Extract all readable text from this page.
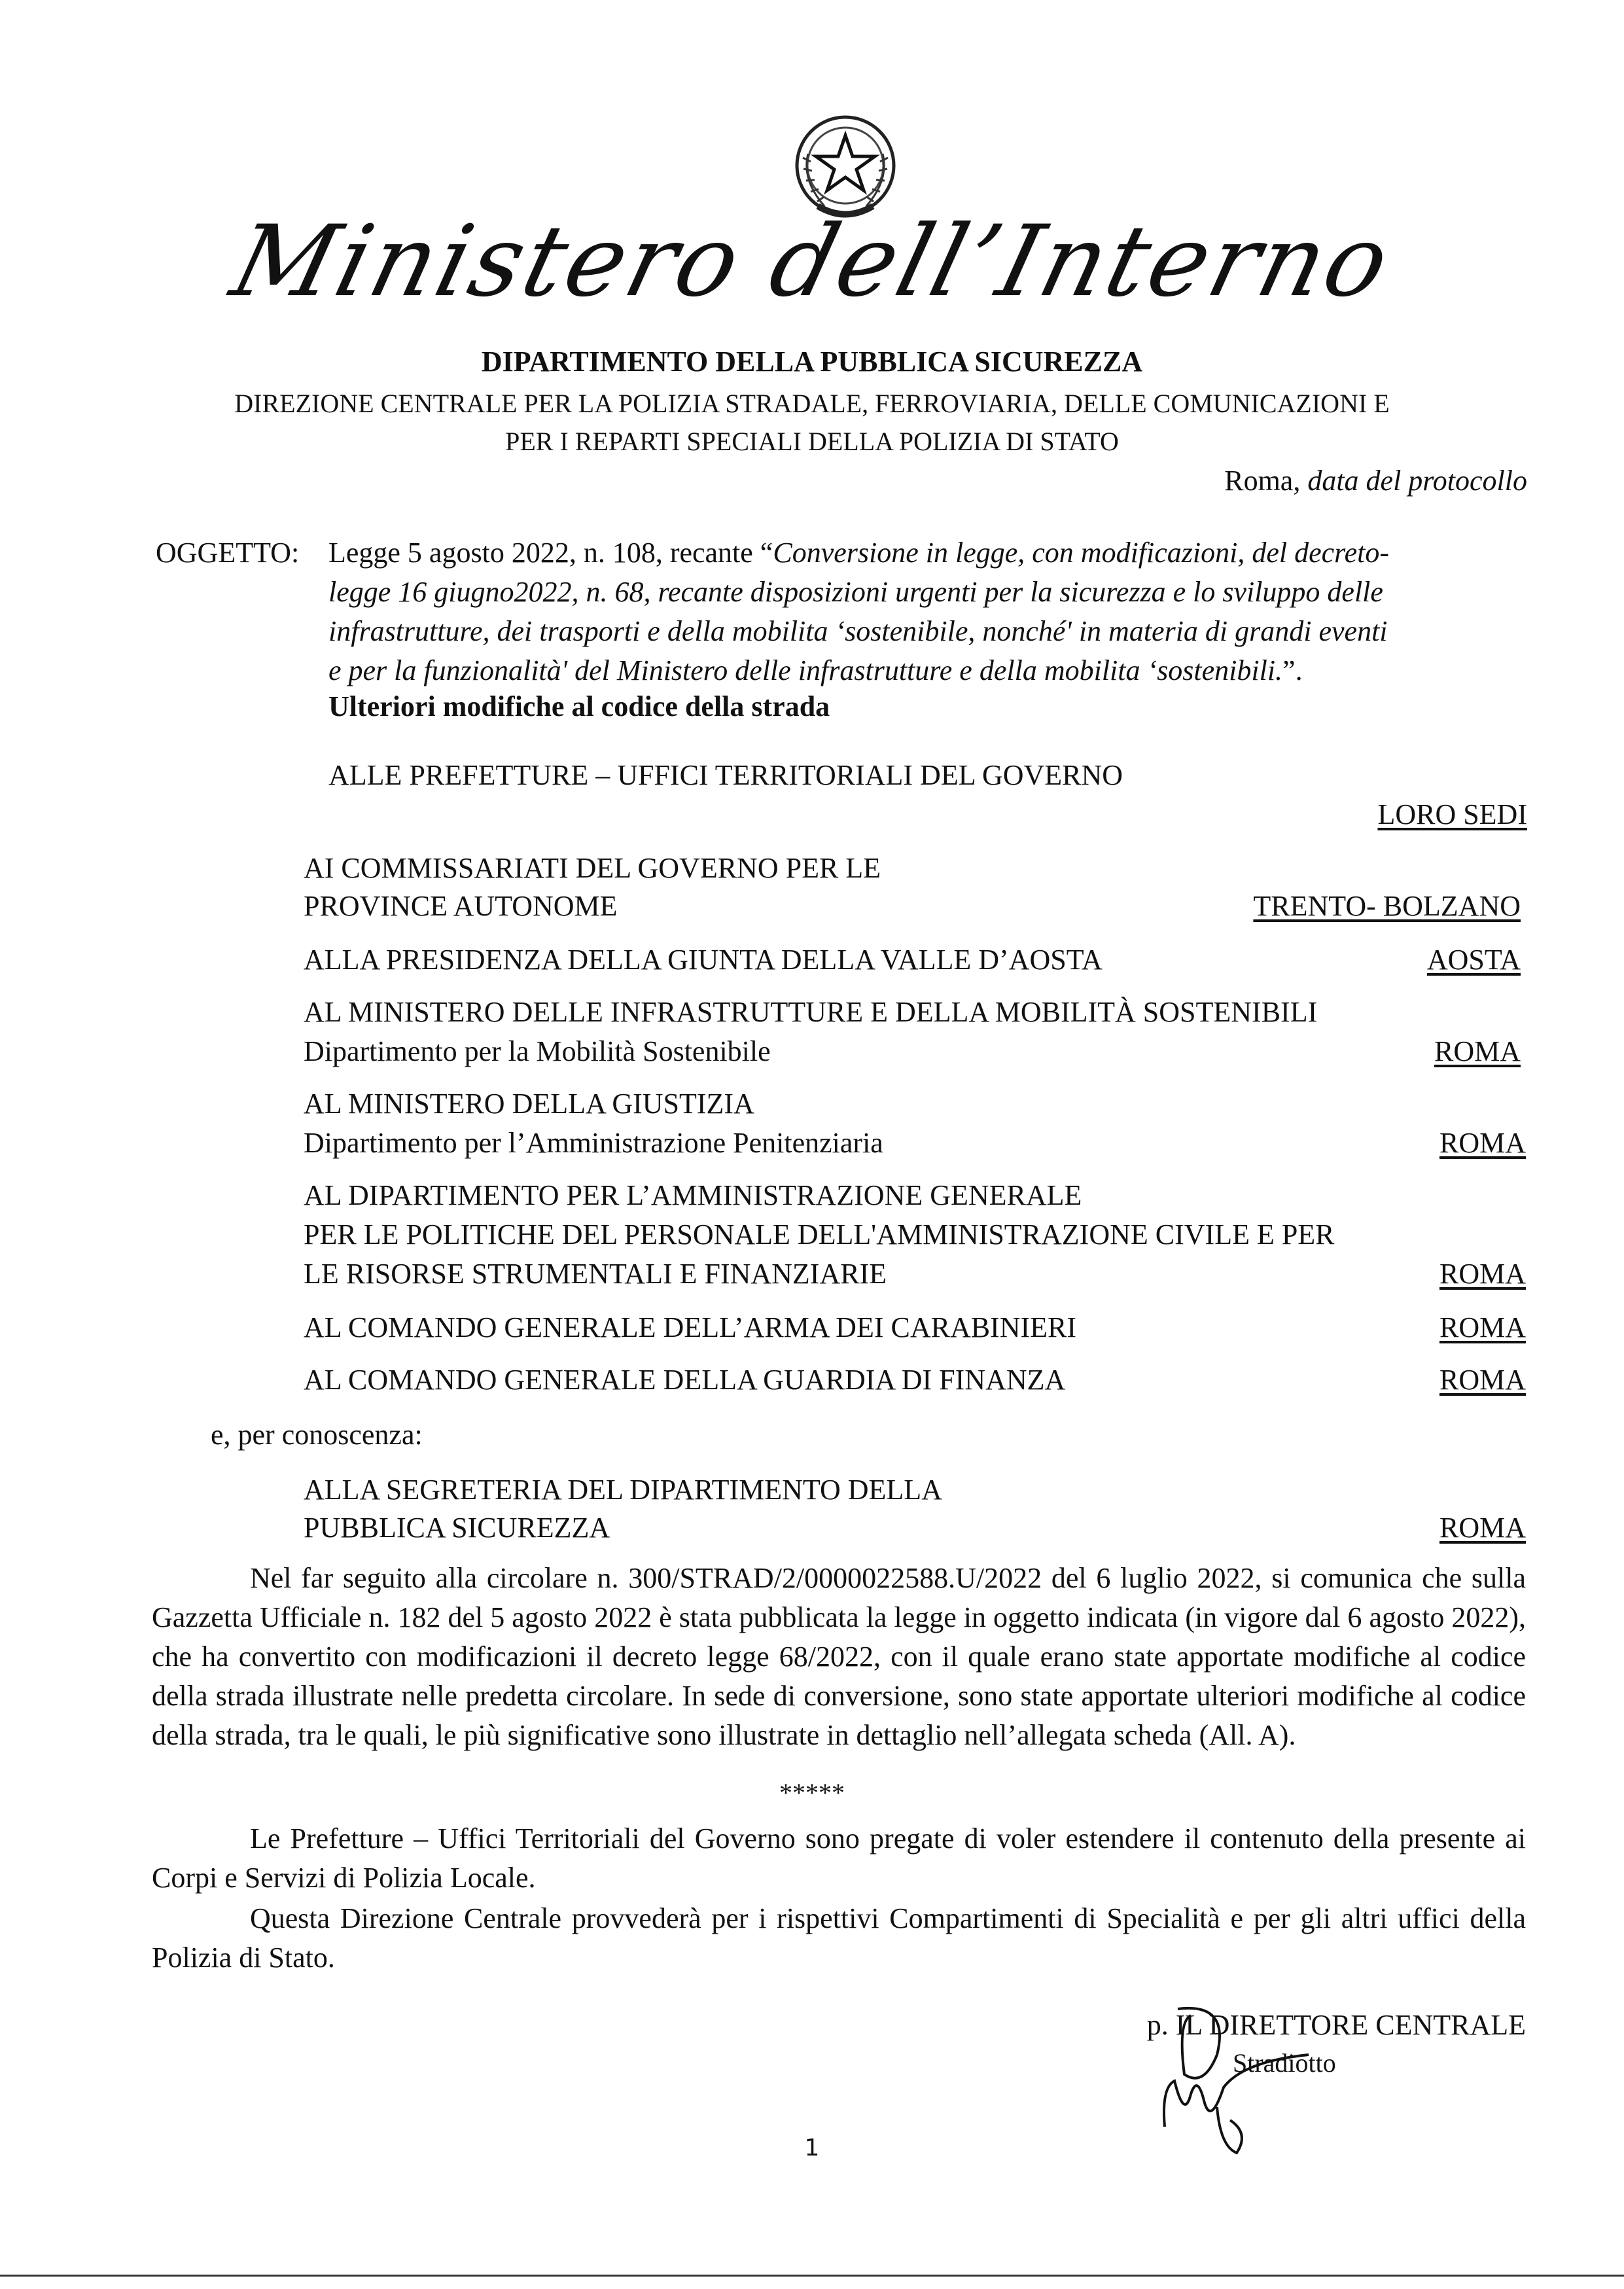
Ministero dell’Interno
DIPARTIMENTO DELLA PUBBLICA SICUREZZA
DIREZIONE CENTRALE PER LA POLIZIA STRADALE, FERROVIARIA, DELLE COMUNICAZIONI E
PER I REPARTI SPECIALI DELLA POLIZIA DI STATO
Roma, data del protocollo
OGGETTO: Legge 5 agosto 2022, n. 108, recante “Conversione in legge, con modificazioni, del decreto-
legge 16 giugno2022, n. 68, recante disposizioni urgenti per la sicurezza e lo sviluppo delle
infrastrutture, dei trasporti e della mobilita ‘sostenibile, nonché' in materia di grandi eventi
e per la funzionalità' del Ministero delle infrastrutture e della mobilita ‘sostenibili.”.
Ulteriori modifiche al codice della strada
ALLE PREFETTURE – UFFICI TERRITORIALI DEL GOVERNO
LORO SEDI
AI COMMISSARIATI DEL GOVERNO PER LE
PROVINCE AUTONOME	TRENTO- BOLZANO
ALLA PRESIDENZA DELLA GIUNTA DELLA VALLE D’AOSTA	AOSTA
AL MINISTERO DELLE INFRASTRUTTURE E DELLA MOBILITÀ SOSTENIBILI
Dipartimento per la Mobilità Sostenibile	ROMA
AL MINISTERO DELLA GIUSTIZIA
Dipartimento per l’Amministrazione Penitenziaria	ROMA
AL DIPARTIMENTO PER L’AMMINISTRAZIONE GENERALE
PER LE POLITICHE DEL PERSONALE DELL'AMMINISTRAZIONE CIVILE E PER
LE RISORSE STRUMENTALI E FINANZIARIE	ROMA
AL COMANDO GENERALE DELL’ARMA DEI CARABINIERI	ROMA
AL COMANDO GENERALE DELLA GUARDIA DI FINANZA	ROMA
e, per conoscenza:
ALLA SEGRETERIA DEL DIPARTIMENTO DELLA
PUBBLICA SICUREZZA	ROMA
Nel far seguito alla circolare n. 300/STRAD/2/0000022588.U/2022 del 6 luglio 2022, si comunica che sulla Gazzetta Ufficiale n. 182 del 5 agosto 2022 è stata pubblicata la legge in oggetto indicata (in vigore dal 6 agosto 2022), che ha convertito con modificazioni il decreto legge 68/2022, con il quale erano state apportate modifiche al codice della strada illustrate nelle predetta circolare. In sede di conversione, sono state apportate ulteriori modifiche al codice della strada, tra le quali, le più significative sono illustrate in dettaglio nell’allegata scheda (All. A).
*****
Le Prefetture – Uffici Territoriali del Governo sono pregate di voler estendere il contenuto della presente ai Corpi e Servizi di Polizia Locale.
Questa Direzione Centrale provvederà per i rispettivi Compartimenti di Specialità e per gli altri uffici della Polizia di Stato.
p. IL DIRETTORE CENTRALE
Stradiotto
1
